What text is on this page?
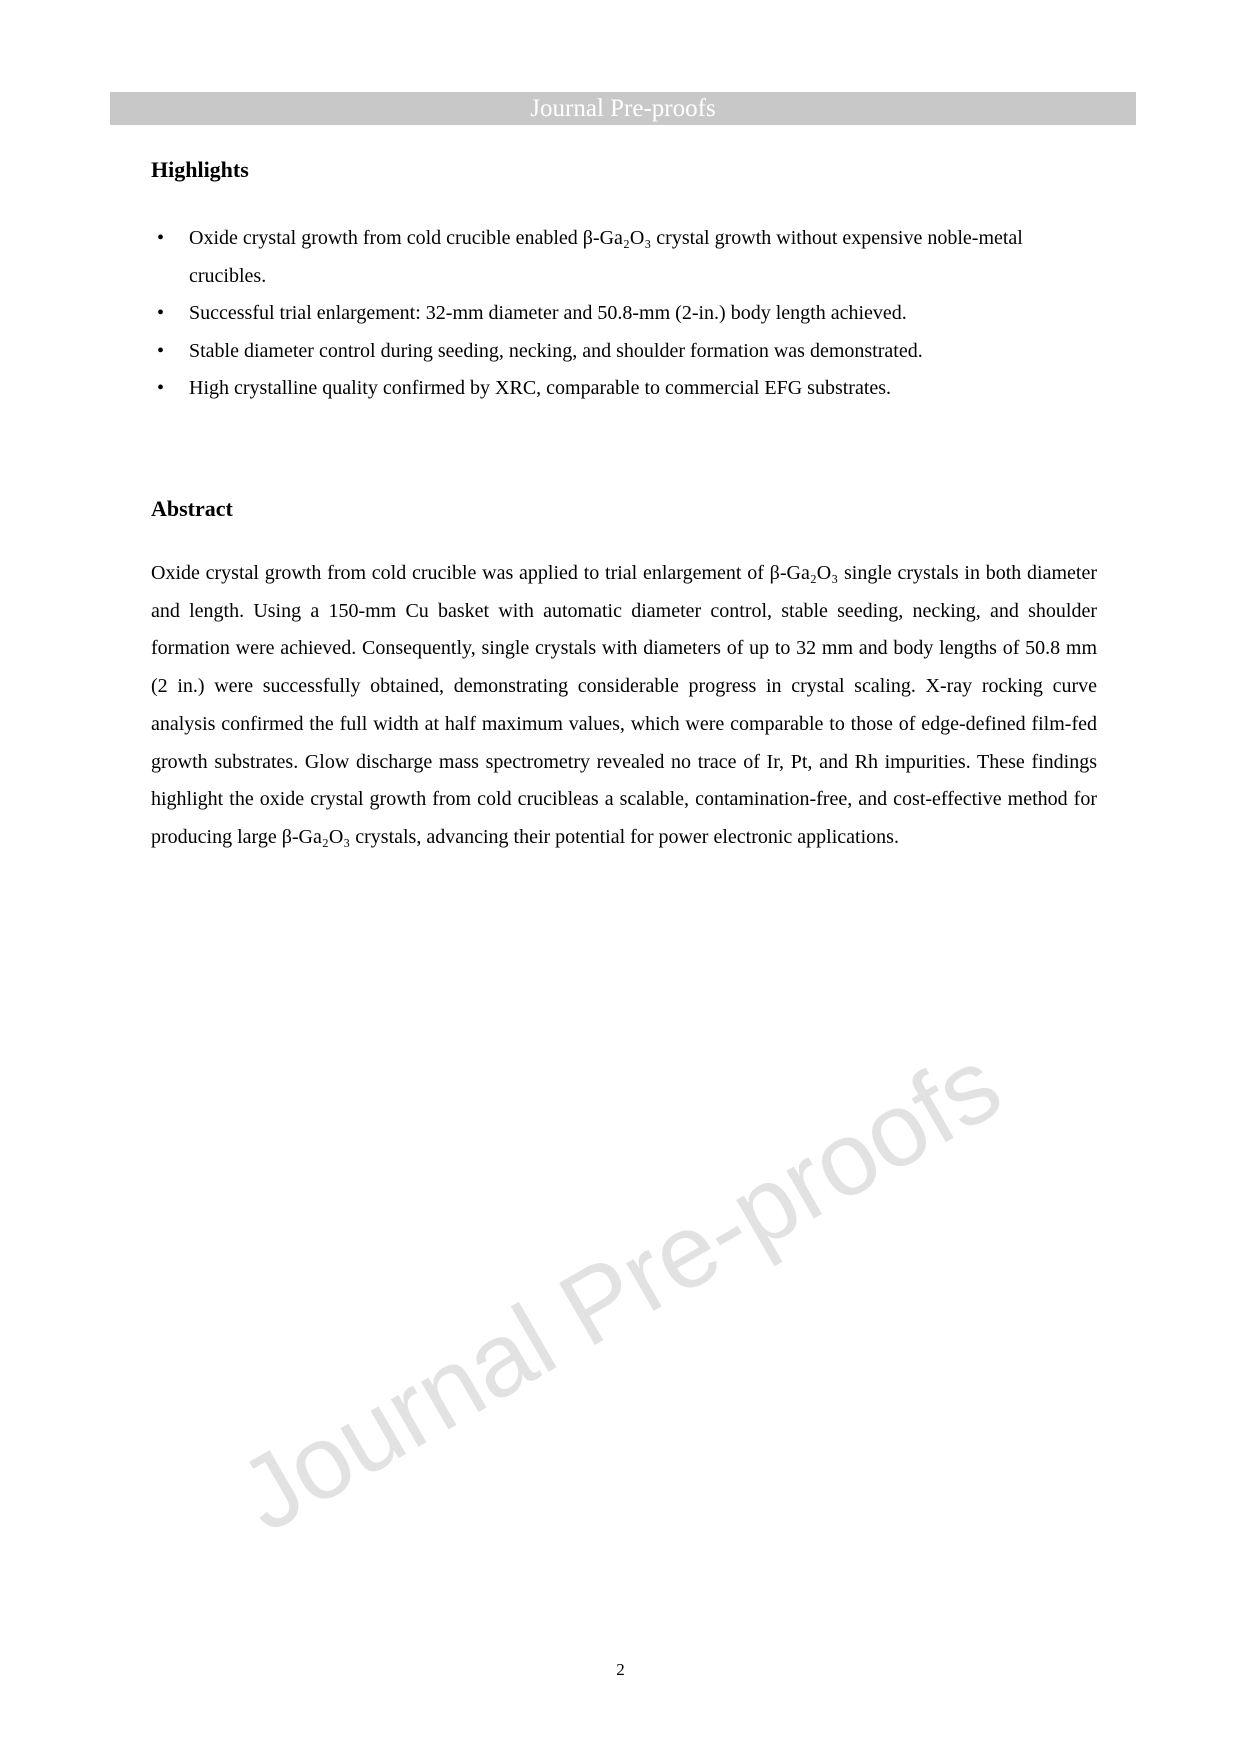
Journal Pre-proofs
Journal Pre-proofs
Highlights
• Oxide crystal growth from cold crucible enabled β-Ga₂O₃ crystal growth without expensive noble-metal crucibles.
• Successful trial enlargement: 32-mm diameter and 50.8-mm (2-in.) body length achieved.
• Stable diameter control during seeding, necking, and shoulder formation was demonstrated.
• High crystalline quality confirmed by XRC, comparable to commercial EFG substrates.
Abstract

Oxide crystal growth from cold crucible was applied to trial enlargement of β-Ga₂O₃ single crystals in both diameter and length. Using a 150-mm Cu basket with automatic diameter control, stable seeding, necking, and shoulder formation were achieved. Consequently, single crystals with diameters of up to 32 mm and body lengths of 50.8 mm (2 in.) were successfully obtained, demonstrating considerable progress in crystal scaling. X-ray rocking curve analysis confirmed the full width at half maximum values, which were comparable to those of edge-defined film-fed growth substrates. Glow discharge mass spectrometry revealed no trace of Ir, Pt, and Rh impurities. These findings highlight the oxide crystal growth from cold crucibleas a scalable, contamination-free, and cost-effective method for producing large β-Ga₂O₃ crystals, advancing their potential for power electronic applications.

2
